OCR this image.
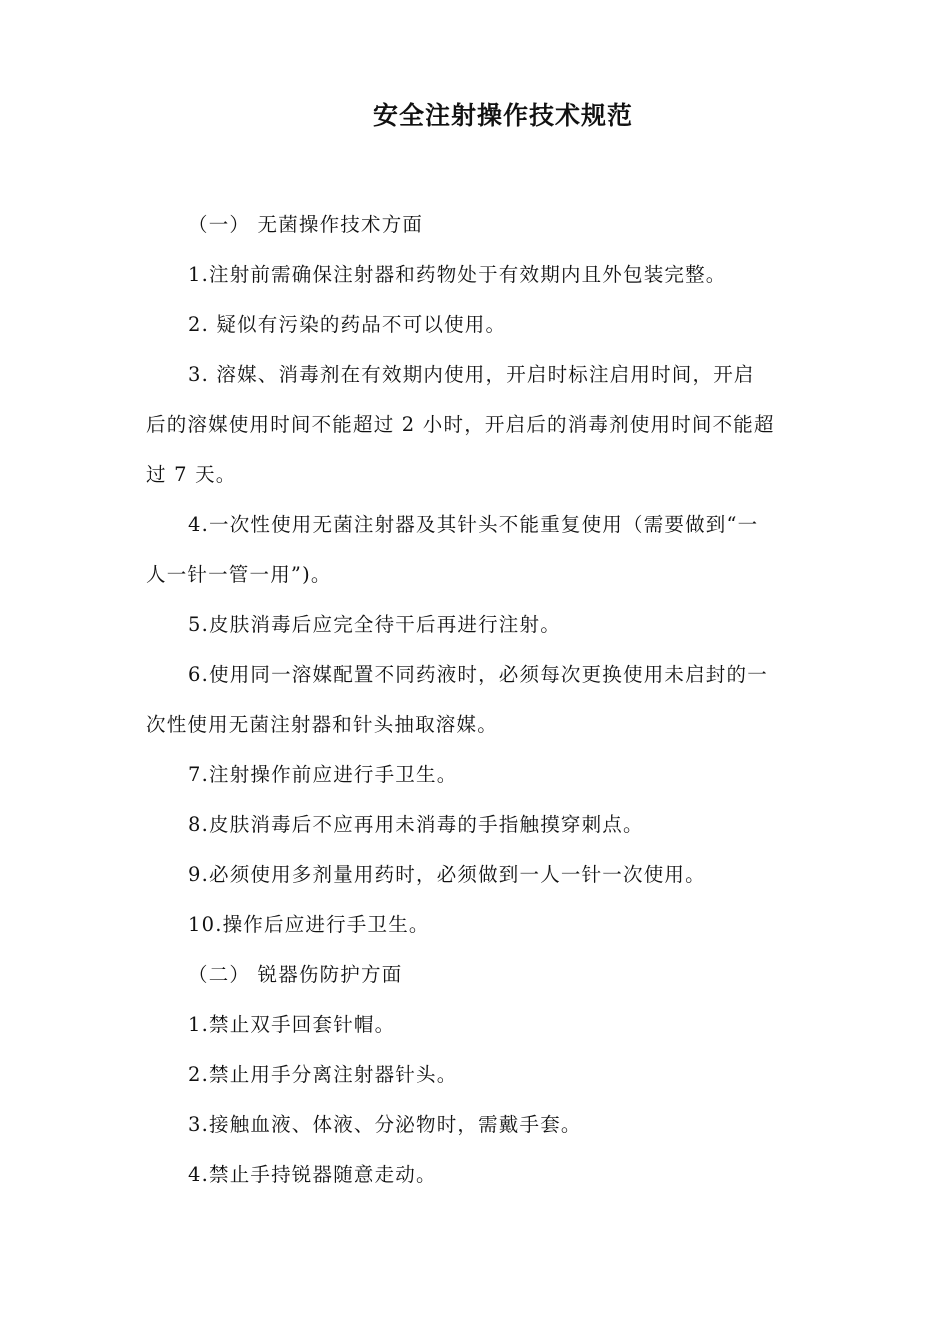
安全注射操作技术规范
（一） 无菌操作技术方面
1.注射前需确保注射器和药物处于有效期内且外包装完整。
2. 疑似有污染的药品不可以使用。
3. 溶媒、消毒剂在有效期内使用，开启时标注启用时间，开启
后的溶媒使用时间不能超过 2 小时，开启后的消毒剂使用时间不能超
过 7 天。
4.一次性使用无菌注射器及其针头不能重复使用（需要做到“一
人一针一管一用”)。
5.皮肤消毒后应完全待干后再进行注射。
6.使用同一溶媒配置不同药液时，必须每次更换使用未启封的一
次性使用无菌注射器和针头抽取溶媒。
7.注射操作前应进行手卫生。
8.皮肤消毒后不应再用未消毒的手指触摸穿刺点。
9.必须使用多剂量用药时，必须做到一人一针一次使用。
10.操作后应进行手卫生。
（二） 锐器伤防护方面
1.禁止双手回套针帽。
2.禁止用手分离注射器针头。
3.接触血液、体液、分泌物时，需戴手套。
4.禁止手持锐器随意走动。
